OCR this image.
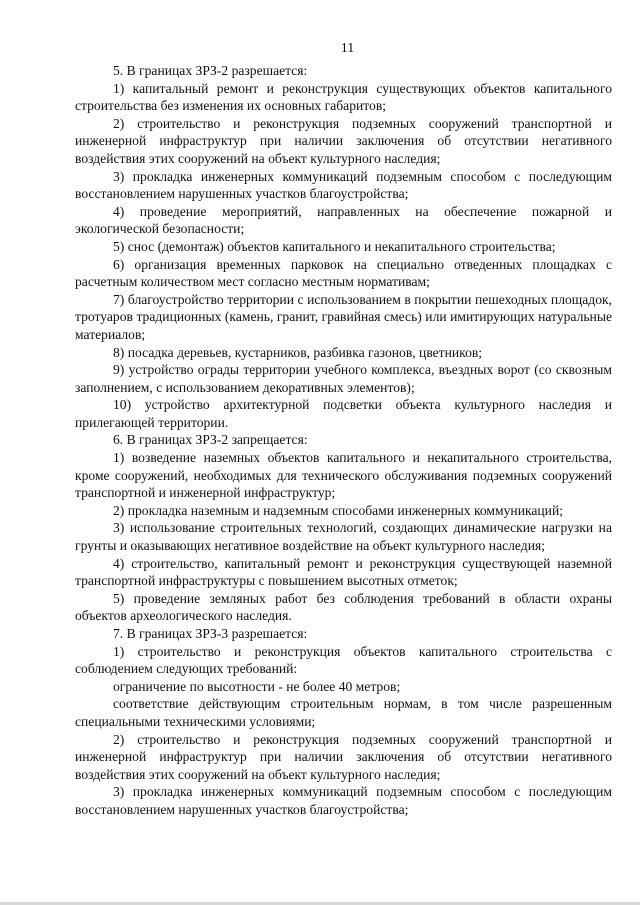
11

5. В границах ЗРЗ-2 разрешается:

1) капитальный ремонт и реконструкция существующих объектов капитального строительства без изменения их основных габаритов;

2) строительство и реконструкция подземных сооружений транспортной и инженерной инфраструктур при наличии заключения об отсутствии негативного воздействия этих сооружений на объект культурного наследия;

3) прокладка инженерных коммуникаций подземным способом с последующим восстановлением нарушенных участков благоустройства;

4) проведение мероприятий, направленных на обеспечение пожарной и экологической безопасности;

5) снос (демонтаж) объектов капитального и некапитального строительства;

6) организация временных парковок на специально отведенных площадках с расчетным количеством мест согласно местным нормативам;

7) благоустройство территории с использованием в покрытии пешеходных площадок, тротуаров традиционных (камень, гранит, гравийная смесь) или имитирующих натуральные материалов;

8) посадка деревьев, кустарников, разбивка газонов, цветников;

9) устройство ограды территории учебного комплекса, въездных ворот (со сквозным заполнением, с использованием декоративных элементов);

10) устройство архитектурной подсветки объекта культурного наследия и прилегающей территории.

6. В границах ЗРЗ-2 запрещается:

1) возведение наземных объектов капитального и некапитального строительства, кроме сооружений, необходимых для технического обслуживания подземных сооружений транспортной и инженерной инфраструктур;

2) прокладка наземным и надземным способами инженерных коммуникаций;

3) использование строительных технологий, создающих динамические нагрузки на грунты и оказывающих негативное воздействие на объект культурного наследия;

4) строительство, капитальный ремонт и реконструкция существующей наземной транспортной инфраструктуры с повышением высотных отметок;

5) проведение земляных работ без соблюдения требований в области охраны объектов археологического наследия.

7. В границах ЗРЗ-3 разрешается:

1) строительство и реконструкция объектов капитального строительства с соблюдением следующих требований:

ограничение по высотности - не более 40 метров;

соответствие действующим строительным нормам, в том числе разрешенным специальными техническими условиями;

2) строительство и реконструкция подземных сооружений транспортной и инженерной инфраструктур при наличии заключения об отсутствии негативного воздействия этих сооружений на объект культурного наследия;

3) прокладка инженерных коммуникаций подземным способом с последующим восстановлением нарушенных участков благоустройства;
